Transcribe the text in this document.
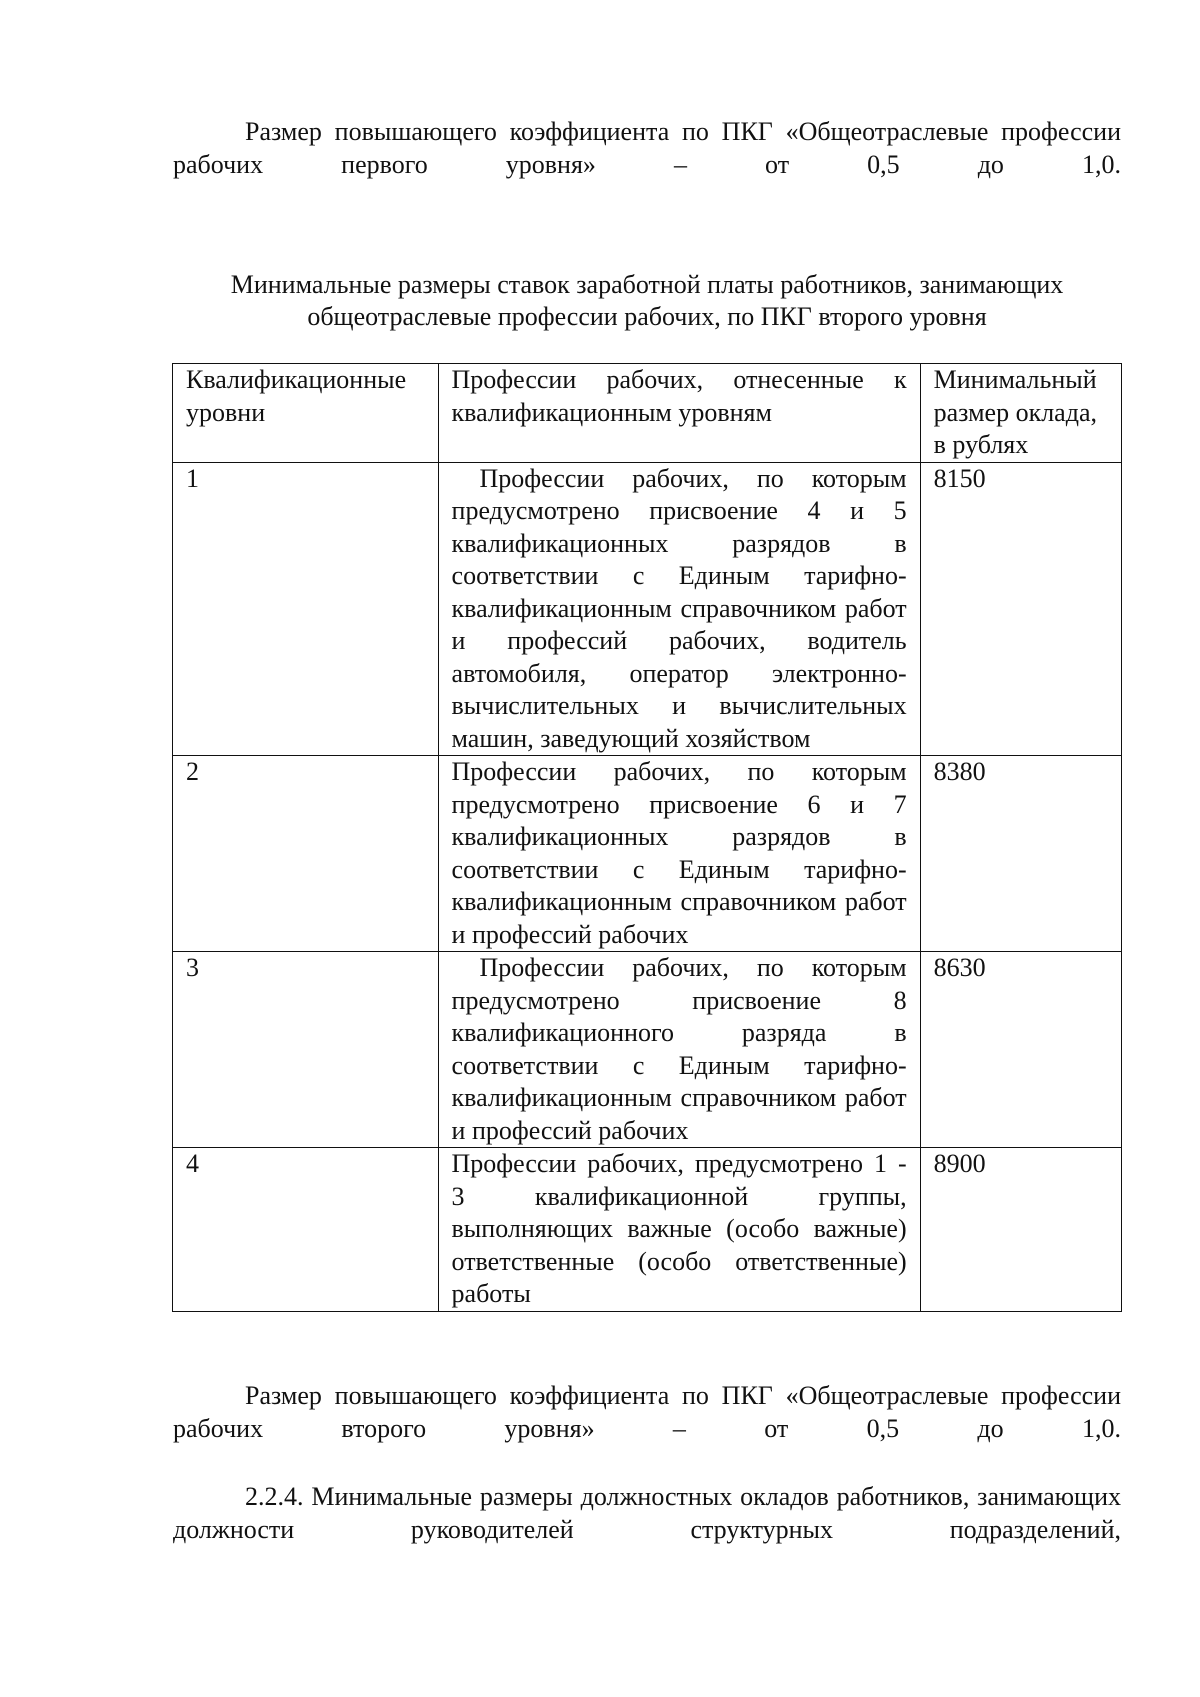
Размер повышающего коэффициента по ПКГ «Общеотраслевые профессии рабочих первого уровня» – от 0,5 до 1,0.

Минимальные размеры ставок заработной платы работников, занимающих

общеотраслевые профессии рабочих, по ПКГ второго уровня

Квалификационные уровни	Профессии рабочих, отнесенные к квалификационным уровням	Минимальный размер оклада, в рублях
1	Профессии рабочих, по которым предусмотрено присвоение 4 и 5 квалификационных разрядов в соответствии с Единым тарифно-квалификационным справочником работ и профессий рабочих, водитель автомобиля, оператор электронно-вычислительных и вычислительных машин, заведующий хозяйством	8150
2	Профессии рабочих, по которым предусмотрено присвоение 6 и 7 квалификационных разрядов в соответствии с Единым тарифно-квалификационным справочником работ и профессий рабочих	8380
3	Профессии рабочих, по которым предусмотрено присвоение 8 квалификационного разряда в соответствии с Единым тарифно-квалификационным справочником работ и профессий рабочих	8630
4	Профессии рабочих, предусмотрено 1 - 3 квалификационной группы, выполняющих важные (особо важные) ответственные (особо ответственные) работы	8900

Размер повышающего коэффициента по ПКГ «Общеотраслевые профессии рабочих второго уровня» – от 0,5 до 1,0.

2.2.4. Минимальные размеры должностных окладов работников, занимающих должности руководителей структурных подразделений,
